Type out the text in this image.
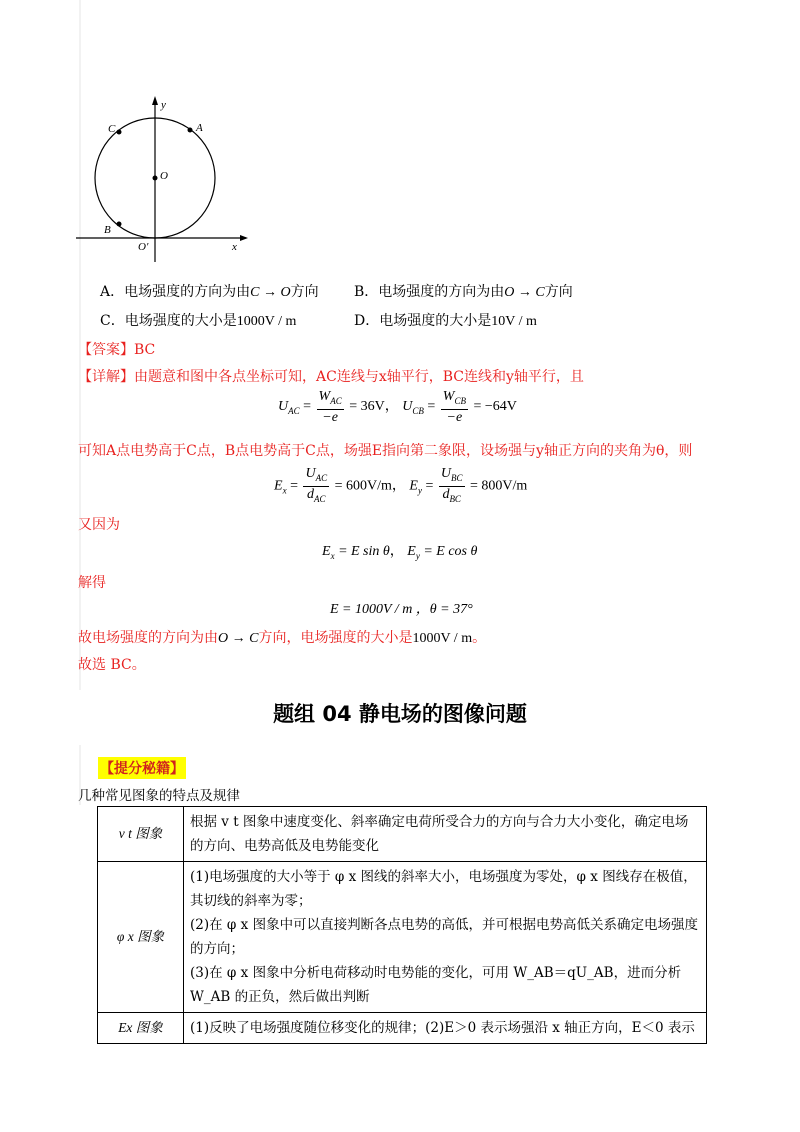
y
x
C	A
O
B
O′
A．电场强度的方向为由C → O方向	B．电场强度的方向为由O → C方向
C．电场强度的大小是1000V / m	D．电场强度的大小是10V / m
【答案】BC
【详解】由题意和图中各点坐标可知，AC连线与x轴平行，BC连线和y轴平行，且
$U_{AC} = \frac{W_{AC}}{-e} = 36V$， $U_{CB} = \frac{W_{CB}}{-e} = -64V$
可知A点电势高于C点，B点电势高于C点，场强E指向第二象限，设场强与y轴正方向的夹角为θ，则
$E_x = \frac{U_{AC}}{d_{AC}} = 600V/m$， $E_y = \frac{U_{BC}}{d_{BC}} = 800V/m$
又因为
$E_x = E$ sin θ， $E_y = E$ cos θ
解得
E = 1000V / m ，θ = 37°
故电场强度的方向为由O → C方向，电场强度的大小是1000V / m。
故选 BC。
题组 04 静电场的图像问题
【提分秘籍】
几种常见图象的特点及规律
v t 图象	根据 v t 图象中速度变化、斜率确定电荷所受合力的方向与合力大小变化，确定电场的方向、电势高低及电势能变化
φ x 图象	(1)电场强度的大小等于 φ x 图线的斜率大小，电场强度为零处，φ x 图线存在极值，其切线的斜率为零；
(2)在 φ x 图象中可以直接判断各点电势的高低，并可根据电势高低关系确定电场强度的方向；
(3)在 φ x 图象中分析电荷移动时电势能的变化，可用 W_AB＝qU_AB，进而分析 W_AB 的正负，然后做出判断

Ex 图象	(1)反映了电场强度随位移变化的规律；(2)E＞0 表示场强沿 x 轴正方向，E＜0 表示
